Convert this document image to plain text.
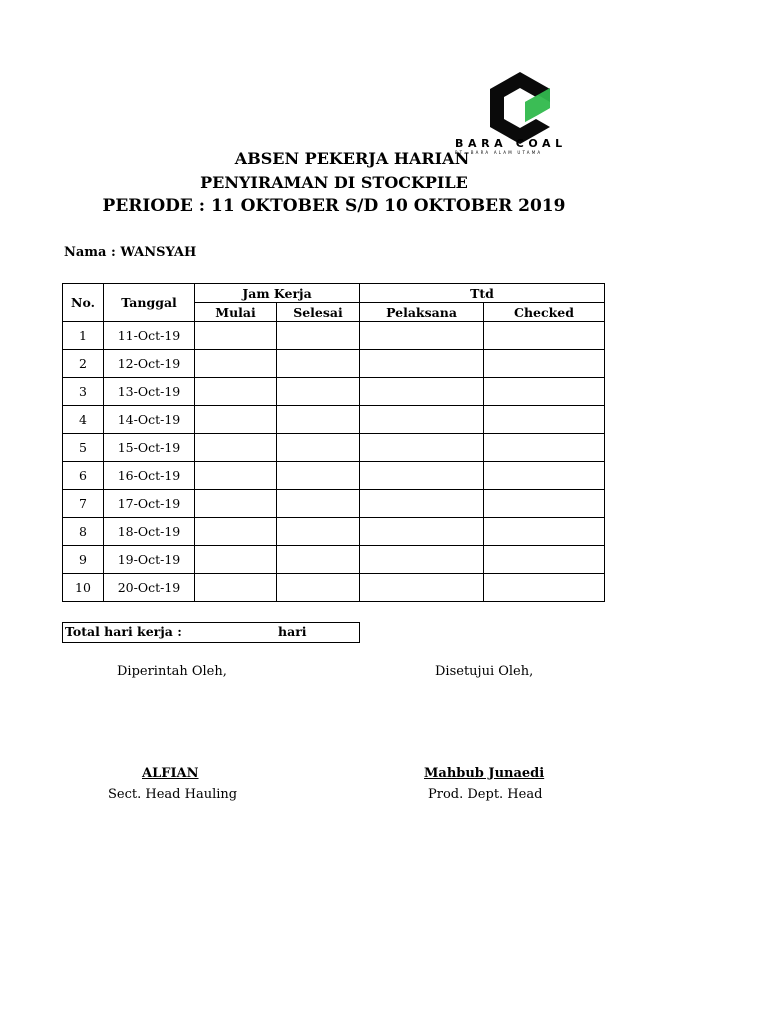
BARA COAL
PT. BARA ALAM UTAMA
ABSEN PEKERJA HARIAN
PENYIRAMAN DI STOCKPILE
PERIODE : 11 OKTOBER S/D 10 OKTOBER 2019
Nama : WANSYAH
No.	Tanggal	Jam Kerja		Ttd	
		Mulai	Selesai	Pelaksana	Checked
1	11-Oct-19				
2	12-Oct-19				
3	13-Oct-19				
4	14-Oct-19				
5	15-Oct-19				
6	16-Oct-19				
7	17-Oct-19				
8	18-Oct-19				
9	19-Oct-19				
10	20-Oct-19				
Total hari kerja :	hari
Diperintah Oleh,	Disetujui Oleh,
ALFIAN	Mahbub Junaedi
Sect. Head Hauling	Prod. Dept. Head
